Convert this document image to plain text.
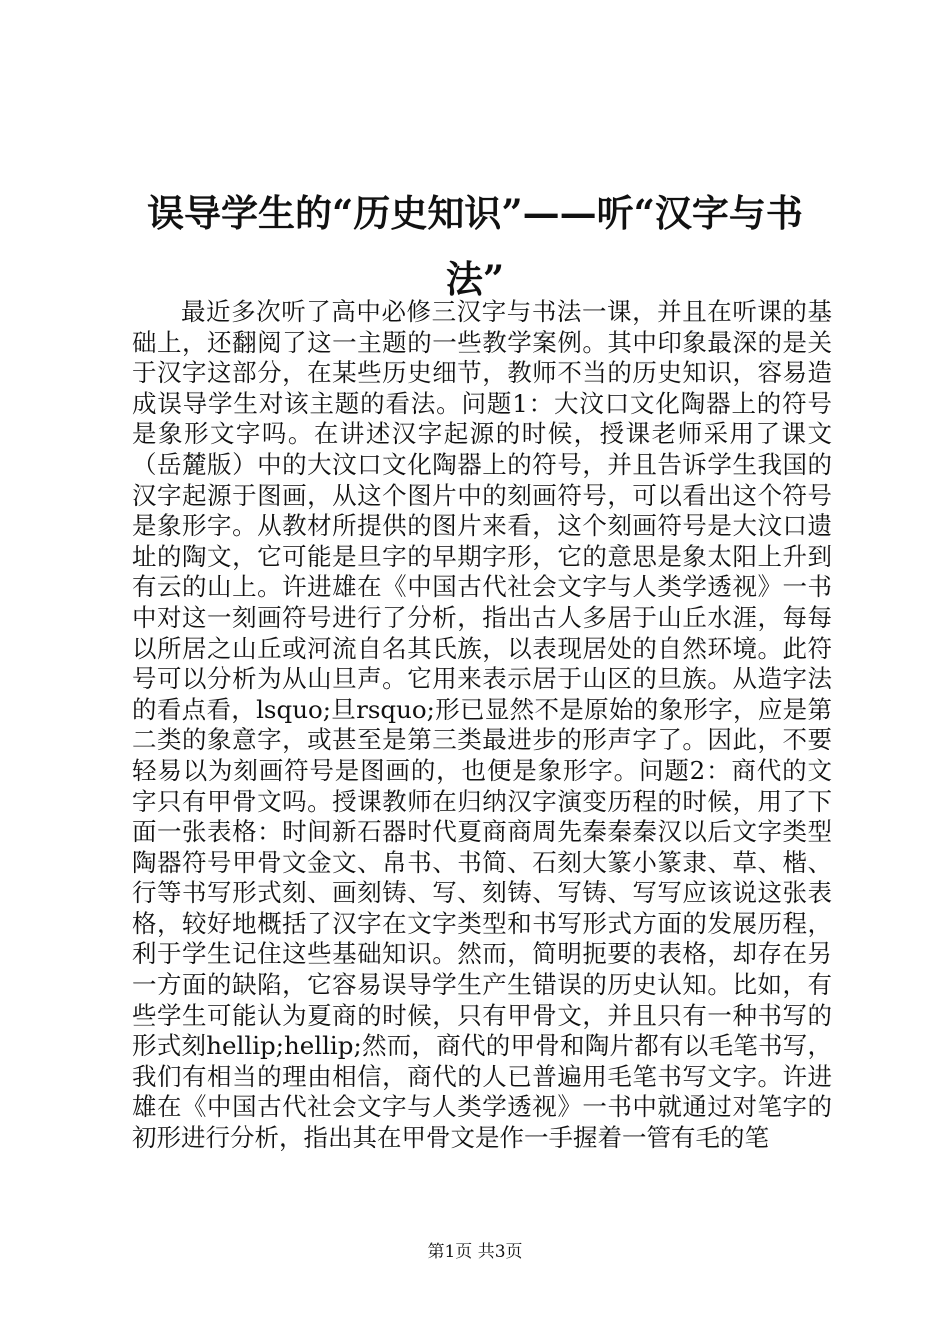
误导学生的“历史知识”——听“汉字与书法”

最近多次听了高中必修三汉字与书法一课，并且在听课的基础上，还翻阅了这一主题的一些教学案例。其中印象最深的是关于汉字这部分，在某些历史细节，教师不当的历史知识，容易造成误导学生对该主题的看法。问题1：大汶口文化陶器上的符号是象形文字吗。在讲述汉字起源的时候，授课老师采用了课文（岳麓版）中的大汶口文化陶器上的符号，并且告诉学生我国的汉字起源于图画，从这个图片中的刻画符号，可以看出这个符号是象形字。从教材所提供的图片来看，这个刻画符号是大汶口遗址的陶文，它可能是旦字的早期字形，它的意思是象太阳上升到有云的山上。许进雄在《中国古代社会文字与人类学透视》一书中对这一刻画符号进行了分析，指出古人多居于山丘水涯，每每以所居之山丘或河流自名其氏族，以表现居处的自然环境。此符号可以分析为从山旦声。它用来表示居于山区的旦族。从造字法的看点看，lsquo;旦rsquo;形已显然不是原始的象形字，应是第二类的象意字，或甚至是第三类最进步的形声字了。因此，不要轻易以为刻画符号是图画的，也便是象形字。问题2：商代的文字只有甲骨文吗。授课教师在归纳汉字演变历程的时候，用了下面一张表格：时间新石器时代夏商商周先秦秦秦汉以后文字类型陶器符号甲骨文金文、帛书、书简、石刻大篆小篆隶、草、楷、行等书写形式刻、画刻铸、写、刻铸、写铸、写写应该说这张表格，较好地概括了汉字在文字类型和书写形式方面的发展历程，利于学生记住这些基础知识。然而，简明扼要的表格，却存在另一方面的缺陷，它容易误导学生产生错误的历史认知。比如，有些学生可能认为夏商的时候，只有甲骨文，并且只有一种书写的形式刻hellip;hellip;然而，商代的甲骨和陶片都有以毛笔书写，我们有相当的理由相信，商代的人已普遍用毛笔书写文字。许进雄在《中国古代社会文字与人类学透视》一书中就通过对笔字的初形进行分析，指出其在甲骨文是作一手握着一管有毛的笔

第1页 共3页
